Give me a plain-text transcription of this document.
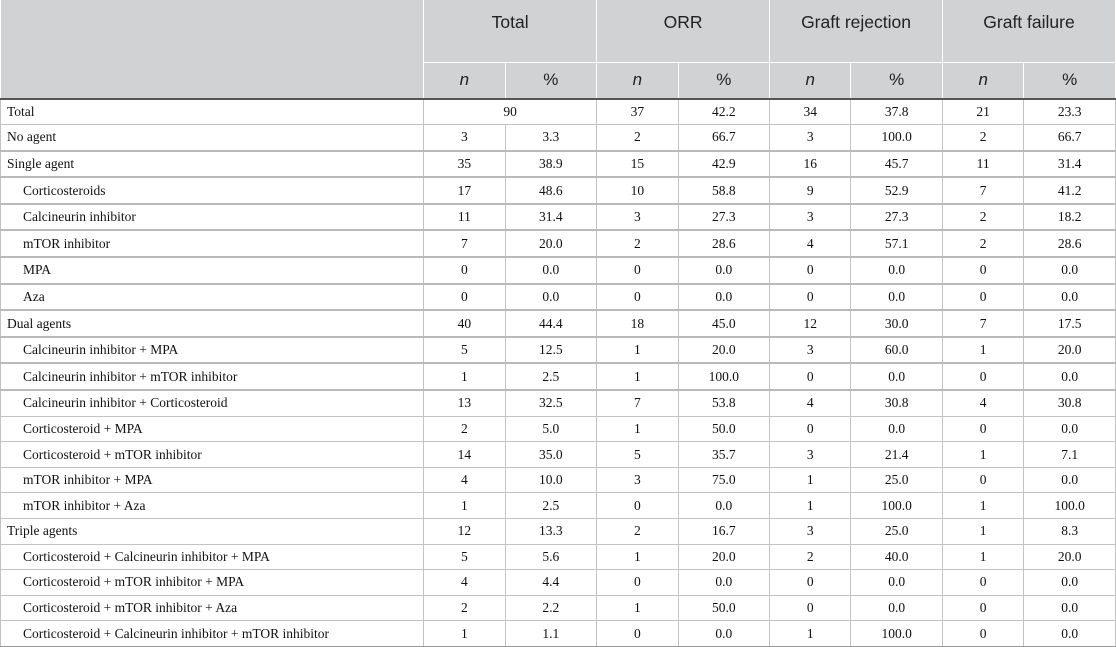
	Total		ORR		Graft rejection		Graft failure	
	n	%	n	%	n	%	n	%
Total	90		37	42.2	34	37.8	21	23.3
No agent	3	3.3	2	66.7	3	100.0	2	66.7
Single agent	35	38.9	15	42.9	16	45.7	11	31.4
Corticosteroids	17	48.6	10	58.8	9	52.9	7	41.2
Calcineurin inhibitor	11	31.4	3	27.3	3	27.3	2	18.2
mTOR inhibitor	7	20.0	2	28.6	4	57.1	2	28.6
MPA	0	0.0	0	0.0	0	0.0	0	0.0
Aza	0	0.0	0	0.0	0	0.0	0	0.0
Dual agents	40	44.4	18	45.0	12	30.0	7	17.5
Calcineurin inhibitor + MPA	5	12.5	1	20.0	3	60.0	1	20.0
Calcineurin inhibitor + mTOR inhibitor	1	2.5	1	100.0	0	0.0	0	0.0
Calcineurin inhibitor + Corticosteroid	13	32.5	7	53.8	4	30.8	4	30.8
Corticosteroid + MPA	2	5.0	1	50.0	0	0.0	0	0.0
Corticosteroid + mTOR inhibitor	14	35.0	5	35.7	3	21.4	1	7.1
mTOR inhibitor + MPA	4	10.0	3	75.0	1	25.0	0	0.0
mTOR inhibitor + Aza	1	2.5	0	0.0	1	100.0	1	100.0
Triple agents	12	13.3	2	16.7	3	25.0	1	8.3
Corticosteroid + Calcineurin inhibitor + MPA	5	5.6	1	20.0	2	40.0	1	20.0
Corticosteroid + mTOR inhibitor + MPA	4	4.4	0	0.0	0	0.0	0	0.0
Corticosteroid + mTOR inhibitor + Aza	2	2.2	1	50.0	0	0.0	0	0.0
Corticosteroid + Calcineurin inhibitor + mTOR inhibitor	1	1.1	0	0.0	1	100.0	0	0.0
